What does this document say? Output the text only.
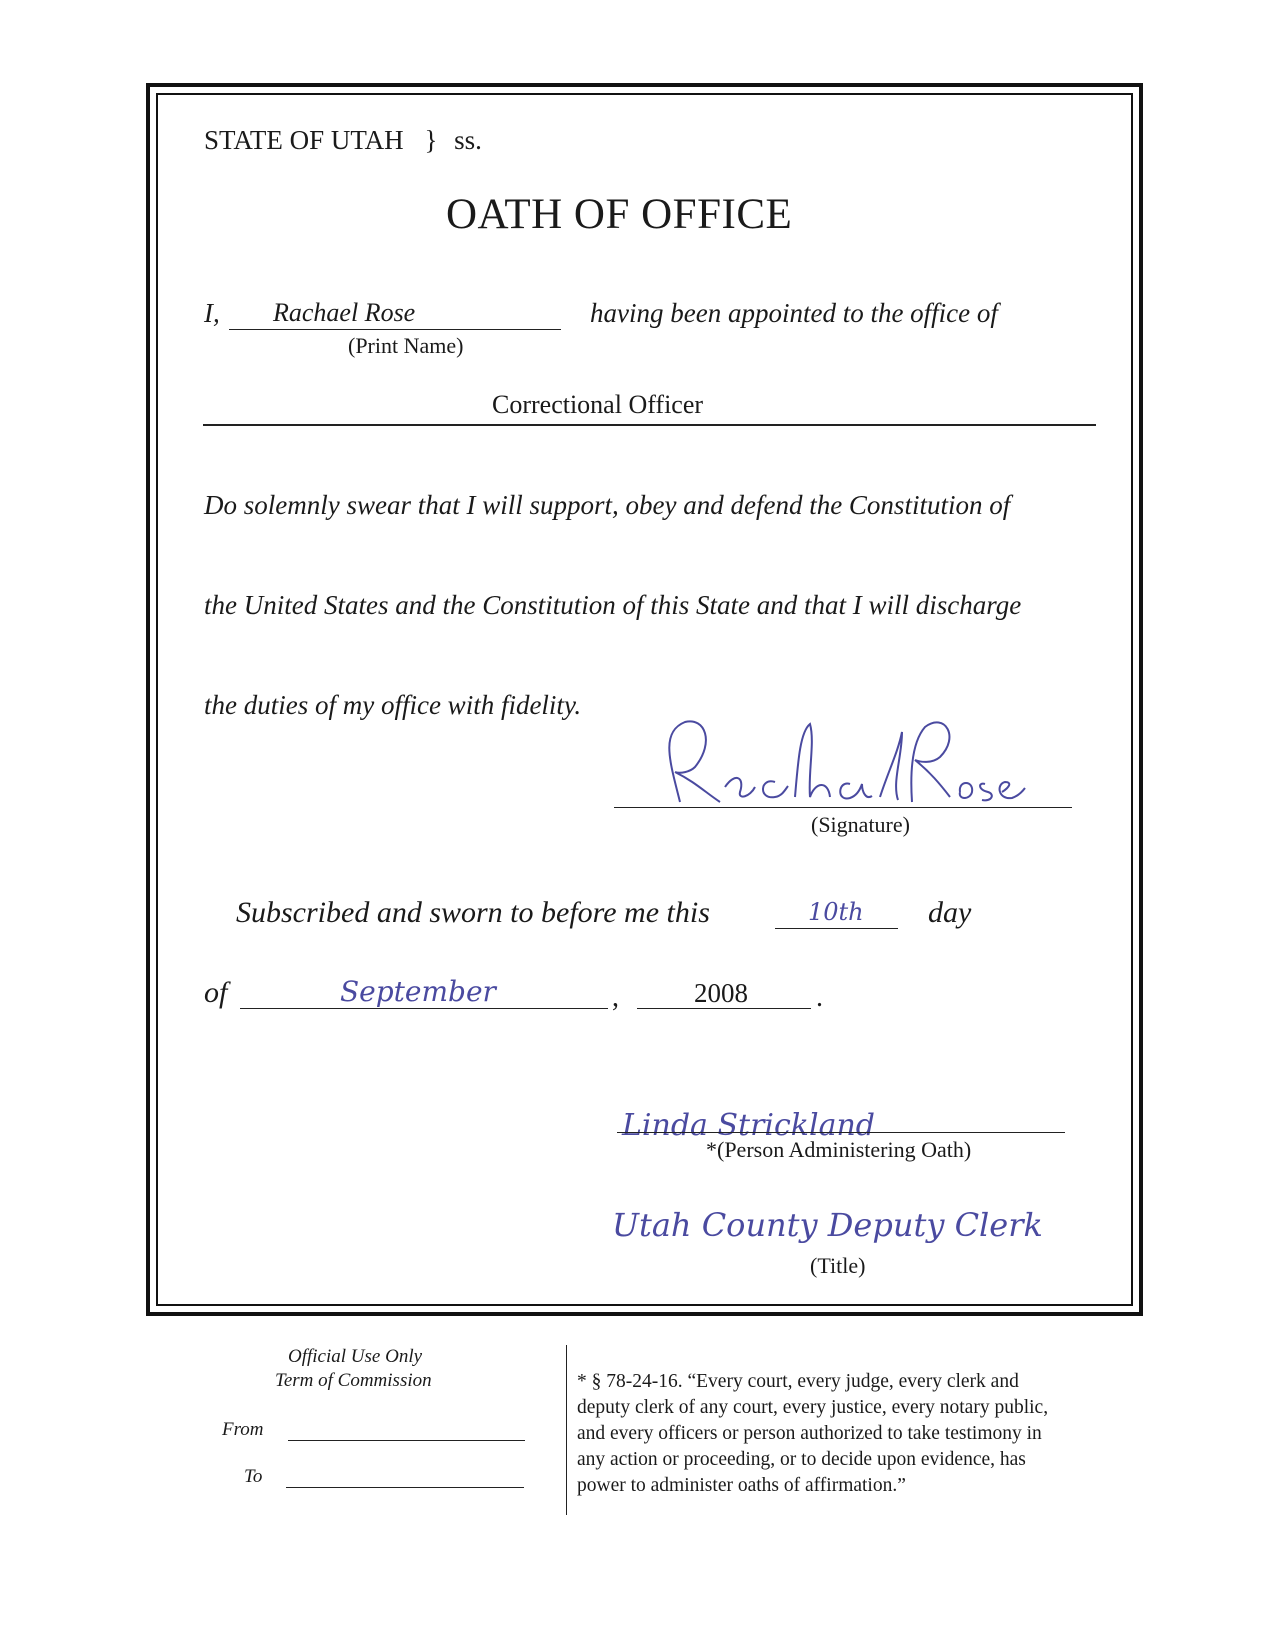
STATE OF UTAH } ss.
OATH OF OFFICE
I, Rachael Rose
(Print Name)
having been appointed to the office of
Correctional Officer
Do solemnly swear that I will support, obey and defend the Constitution of
the United States and the Constitution of this State and that I will discharge
the duties of my office with fidelity.
(Signature)
Subscribed and sworn to before me this	10th day
of	September	,	2008 .
Linda Strickland
*(Person Administering Oath)
Utah County Deputy Clerk
(Title)
Official Use Only
Term of Commission
From
To
* § 78-24-16. “Every court, every judge, every clerk and
deputy clerk of any court, every justice, every notary public,
and every officers or person authorized to take testimony in
any action or proceeding, or to decide upon evidence, has
power to administer oaths of affirmation.”
